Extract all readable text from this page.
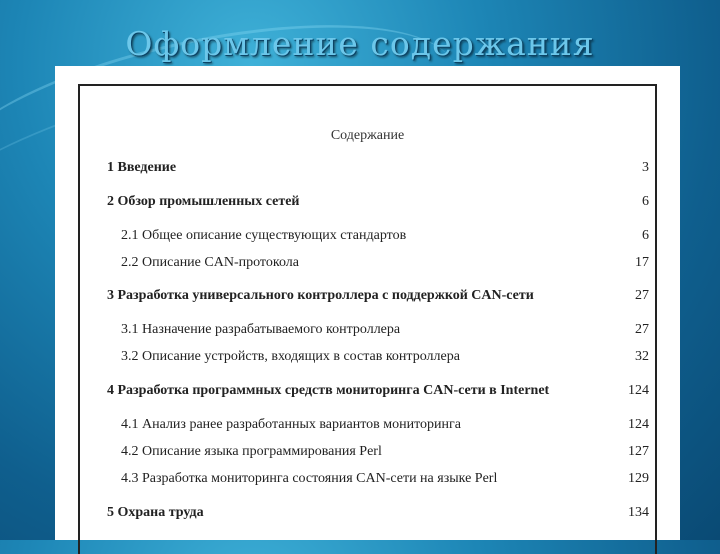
Оформление содержания
Содержание
1 Введение	3
2 Обзор промышленных сетей	6
2.1 Общее описание существующих стандартов	6
2.2 Описание CAN-протокола	17
3 Разработка универсального контроллера с поддержкой CAN-сети	27
3.1 Назначение разрабатываемого контроллера	27
3.2 Описание устройств, входящих в состав контроллера	32
4 Разработка программных средств мониторинга CAN-сети в Internet	124
4.1 Анализ ранее разработанных вариантов мониторинга	124
4.2 Описание языка программирования Perl	127
4.3 Разработка мониторинга состояния CAN-сети на языке Perl	129
5 Охрана труда	134
